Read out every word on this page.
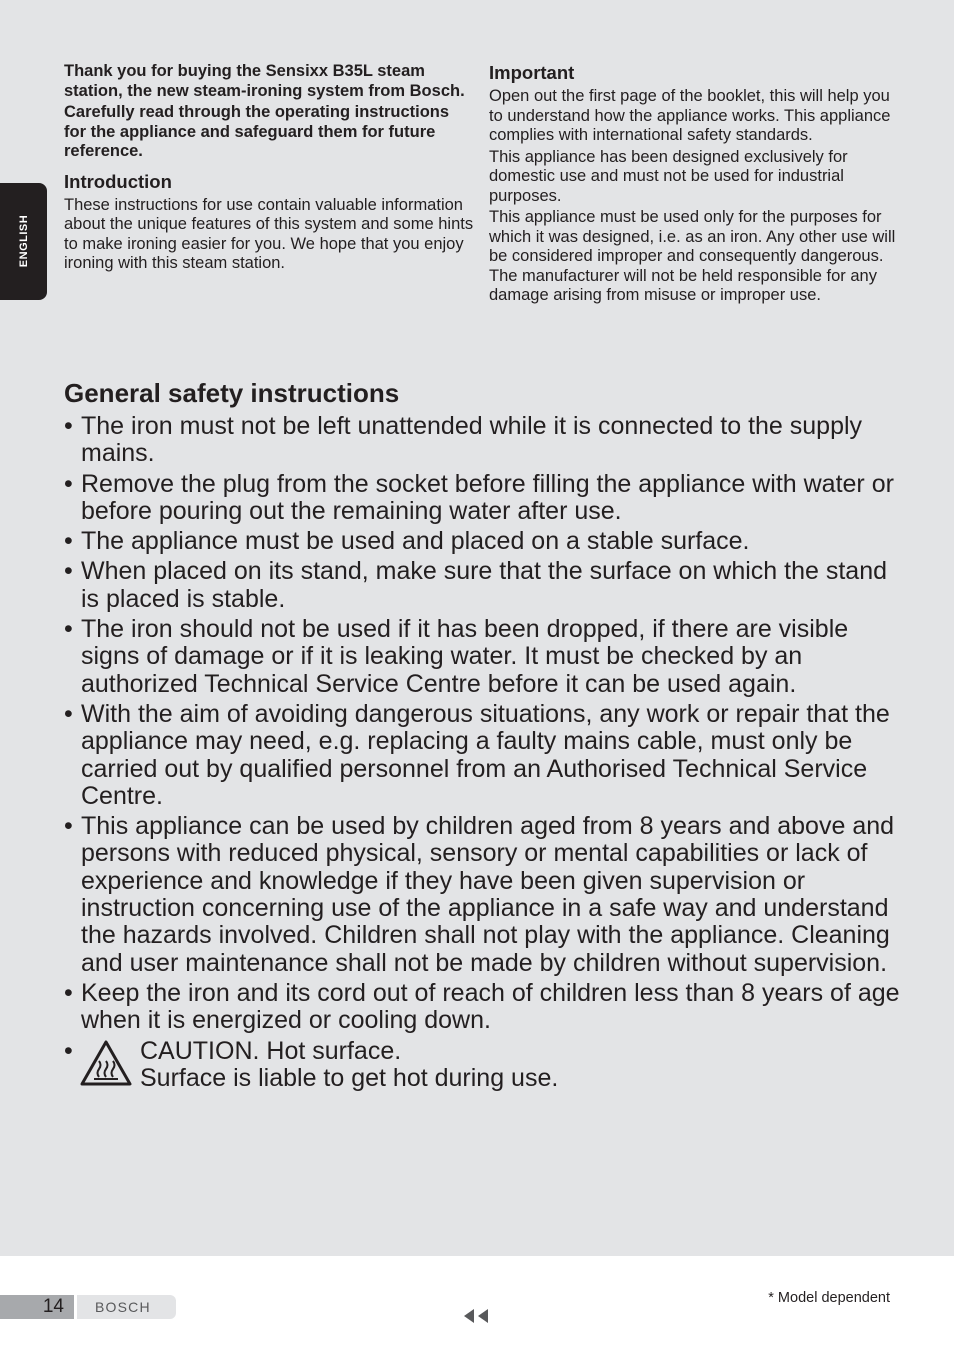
ENGLISH

Thank you for buying the Sensixx B35L steam station, the new steam-ironing system from Bosch.

Carefully read through the operating instructions for the appliance and safeguard them for future reference.

Introduction

These instructions for use contain valuable information about the unique features of this system and some hints to make ironing easier for you. We hope that you enjoy ironing with this steam station.

Important

Open out the first page of the booklet, this will help you to understand how the appliance works. This appliance complies with international safety standards.

This appliance has been designed exclusively for domestic use and must not be used for industrial purposes.

This appliance must be used only for the purposes for which it was designed, i.e. as an iron. Any other use will be considered improper and consequently dangerous. The manufacturer will not be held responsible for any damage arising from misuse or improper use.

General safety instructions
• The iron must not be left unattended while it is connected to the supply mains.
• Remove the plug from the socket before filling the appliance with water or before pouring out the remaining water after use.
• The appliance must be used and placed on a stable surface.
• When placed on its stand, make sure that the surface on which the stand is placed is stable.
• The iron should not be used if it has been dropped, if there are visible signs of damage or if it is leaking water. It must be checked by an authorized Technical Service Centre before it can be used again.
• With the aim of avoiding dangerous situations, any work or repair that the appliance may need, e.g. replacing a faulty mains cable, must only be carried out by qualified personnel from an Authorised Technical Service Centre.
• This appliance can be used by children aged from 8 years and above and persons with reduced physical, sensory or mental capabilities or lack of experience and knowledge if they have been given supervision or instruction concerning use of the appliance in a safe way and understand the hazards involved. Children shall not play with the appliance. Cleaning and user maintenance shall not be made by children without supervision.
• Keep the iron and its cord out of reach of children less than 8 years of age when it is energized or cooling down.
•	CAUTION. Hot surface.
Surface is liable to get hot during use.
14 BOSCH
* Model dependent
